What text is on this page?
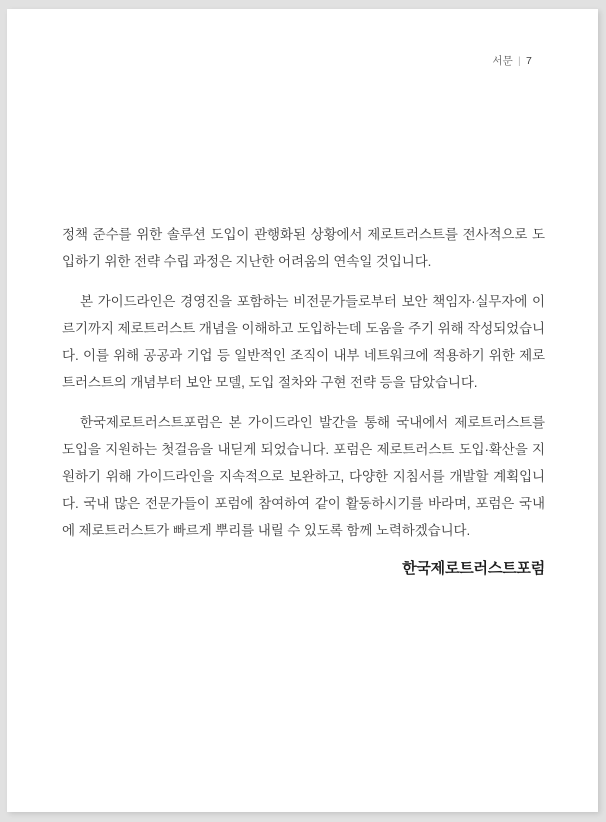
서문 | 7

정책 준수를 위한 솔루션 도입이 관행화된 상황에서 제로트러스트를 전사적으로 도입하기 위한 전략 수립 과정은 지난한 어려움의 연속일 것입니다.

본 가이드라인은 경영진을 포함하는 비전문가들로부터 보안 책임자·실무자에 이르기까지 제로트러스트 개념을 이해하고 도입하는데 도움을 주기 위해 작성되었습니다. 이를 위해 공공과 기업 등 일반적인 조직이 내부 네트워크에 적용하기 위한 제로트러스트의 개념부터 보안 모델, 도입 절차와 구현 전략 등을 담았습니다.

한국제로트러스트포럼은 본 가이드라인 발간을 통해 국내에서 제로트러스트를 도입을 지원하는 첫걸음을 내딛게 되었습니다. 포럼은 제로트러스트 도입·확산을 지원하기 위해 가이드라인을 지속적으로 보완하고, 다양한 지침서를 개발할 계획입니다. 국내 많은 전문가들이 포럼에 참여하여 같이 활동하시기를 바라며, 포럼은 국내에 제로트러스트가 빠르게 뿌리를 내릴 수 있도록 함께 노력하겠습니다.

한국제로트러스트포럼
